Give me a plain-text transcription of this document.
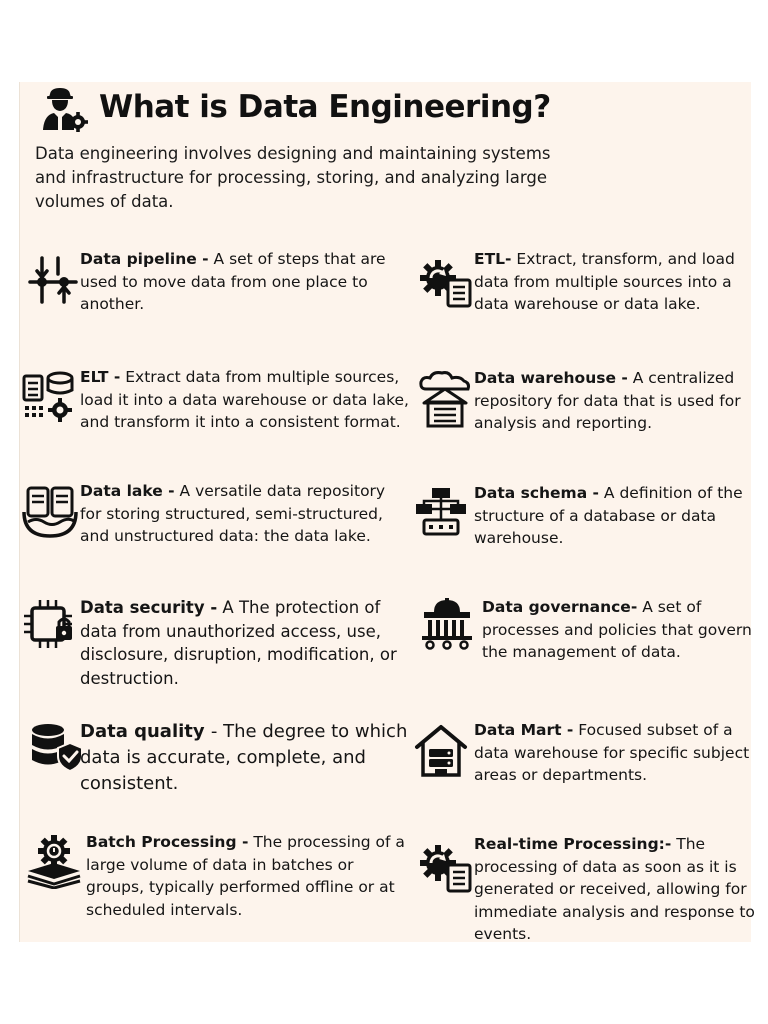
What is Data Engineering?
Data engineering involves designing and maintaining systems and infrastructure for processing, storing, and analyzing large volumes of data.
Data pipeline - A set of steps that are used to move data from one place to another.
ETL- Extract, transform, and load data from multiple sources into a data warehouse or data lake.
ELT - Extract data from multiple sources, load it into a data warehouse or data lake, and transform it into a consistent format.
Data warehouse - A centralized repository for data that is used for analysis and reporting.
Data lake - A versatile data repository for storing structured, semi-structured, and unstructured data: the data lake.
Data schema - A definition of the structure of a database or data warehouse.
Data security - A The protection of data from unauthorized access, use, disclosure, disruption, modification, or destruction.
Data governance- A set of processes and policies that govern the management of data.
Data quality - The degree to which data is accurate, complete, and consistent.
Data Mart - Focused subset of a data warehouse for specific subject areas or departments.
Batch Processing - The processing of a large volume of data in batches or groups, typically performed offline or at scheduled intervals.
Real-time Processing:- The processing of data as soon as it is generated or received, allowing for immediate analysis and response to events.
